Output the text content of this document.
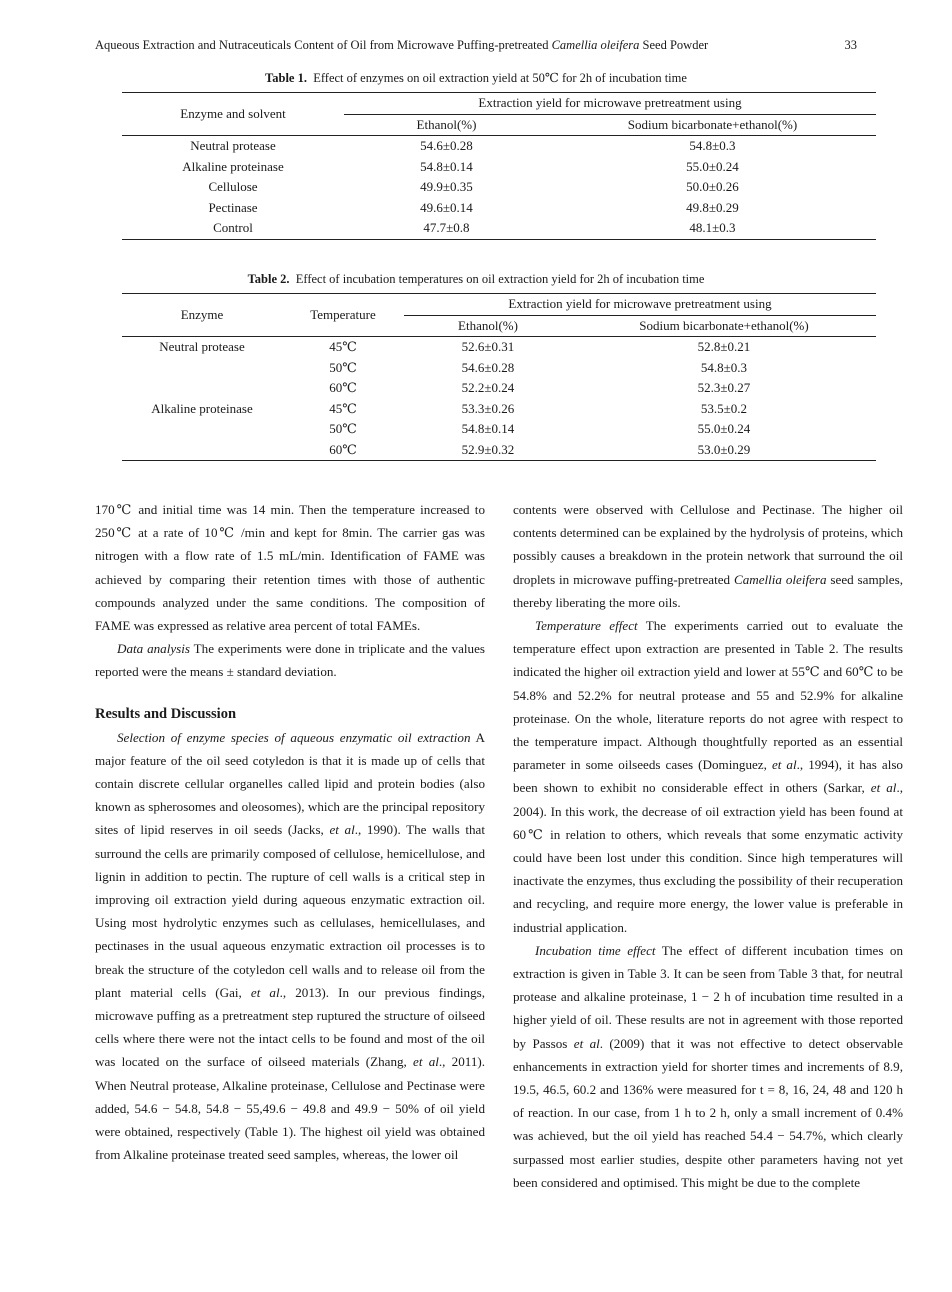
Aqueous Extraction and Nutraceuticals Content of Oil from Microwave Puffing-pretreated Camellia oleifera Seed Powder	33
Table 1. Effect of enzymes on oil extraction yield at 50℃ for 2h of incubation time
Enzyme and solvent	Extraction yield for microwave pretreatment using	

	Ethanol(%)	Sodium bicarbonate+ethanol(%)
Neutral protease	54.6±0.28	54.8±0.3
Alkaline proteinase	54.8±0.14	55.0±0.24
Cellulose	49.9±0.35	50.0±0.26
Pectinase	49.6±0.14	49.8±0.29
Control	47.7±0.8	48.1±0.3
Table 2. Effect of incubation temperatures on oil extraction yield for 2h of incubation time
Enzyme	Temperature	Extraction yield for microwave pretreatment using	

		Ethanol(%)	Sodium bicarbonate+ethanol(%)
Neutral protease	45℃	52.6±0.31	52.8±0.21
	50℃	54.6±0.28	54.8±0.3
	60℃	52.2±0.24	52.3±0.27
Alkaline proteinase	45℃	53.3±0.26	53.5±0.2
	50℃	54.8±0.14	55.0±0.24
	60℃	52.9±0.32	53.0±0.29

170℃ and initial time was 14 min. Then the temperature increased to 250℃ at a rate of 10℃ /min and kept for 8min. The carrier gas was nitrogen with a flow rate of 1.5 mL/min. Identification of FAME was achieved by comparing their retention times with those of authentic compounds analyzed under the same conditions. The composition of FAME was expressed as relative area percent of total FAMEs.

Data analysis The experiments were done in triplicate and the values reported were the means ± standard deviation.

Results and Discussion

Selection of enzyme species of aqueous enzymatic oil extraction A major feature of the oil seed cotyledon is that it is made up of cells that contain discrete cellular organelles called lipid and protein bodies (also known as spherosomes and oleosomes), which are the principal repository sites of lipid reserves in oil seeds (Jacks, et al., 1990). The walls that surround the cells are primarily composed of cellulose, hemicellulose, and lignin in addition to pectin. The rupture of cell walls is a critical step in improving oil extraction yield during aqueous enzymatic extraction oil. Using most hydrolytic enzymes such as cellulases, hemicellulases, and pectinases in the usual aqueous enzymatic extraction oil processes is to break the structure of the cotyledon cell walls and to release oil from the plant material cells (Gai, et al., 2013). In our previous findings, microwave puffing as a pretreatment step ruptured the structure of oilseed cells where there were not the intact cells to be found and most of the oil was located on the surface of oilseed materials (Zhang, et al., 2011). When Neutral protease, Alkaline proteinase, Cellulose and Pectinase were added, 54.6 − 54.8, 54.8 − 55,49.6 − 49.8 and 49.9 − 50% of oil yield were obtained, respectively (Table 1). The highest oil yield was obtained from Alkaline proteinase treated seed samples, whereas, the lower oil

contents were observed with Cellulose and Pectinase. The higher oil contents determined can be explained by the hydrolysis of proteins, which possibly causes a breakdown in the protein network that surround the oil droplets in microwave puffing-pretreated Camellia oleifera seed samples, thereby liberating the more oils.

Temperature effect The experiments carried out to evaluate the temperature effect upon extraction are presented in Table 2. The results indicated the higher oil extraction yield and lower at 55℃ and 60℃ to be 54.8% and 52.2% for neutral protease and 55 and 52.9% for alkaline proteinase. On the whole, literature reports do not agree with respect to the temperature impact. Although thoughtfully reported as an essential parameter in some oilseeds cases (Dominguez, et al., 1994), it has also been shown to exhibit no considerable effect in others (Sarkar, et al., 2004). In this work, the decrease of oil extraction yield has been found at 60℃ in relation to others, which reveals that some enzymatic activity could have been lost under this condition. Since high temperatures will inactivate the enzymes, thus excluding the possibility of their recuperation and recycling, and require more energy, the lower value is preferable in industrial application.

Incubation time effect The effect of different incubation times on extraction is given in Table 3. It can be seen from Table 3 that, for neutral protease and alkaline proteinase, 1 − 2 h of incubation time resulted in a higher yield of oil. These results are not in agreement with those reported by Passos et al. (2009) that it was not effective to detect observable enhancements in extraction yield for shorter times and increments of 8.9, 19.5, 46.5, 60.2 and 136% were measured for t = 8, 16, 24, 48 and 120 h of reaction. In our case, from 1 h to 2 h, only a small increment of 0.4% was achieved, but the oil yield has reached 54.4 − 54.7%, which clearly surpassed most earlier studies, despite other parameters having not yet been considered and optimised. This might be due to the complete
